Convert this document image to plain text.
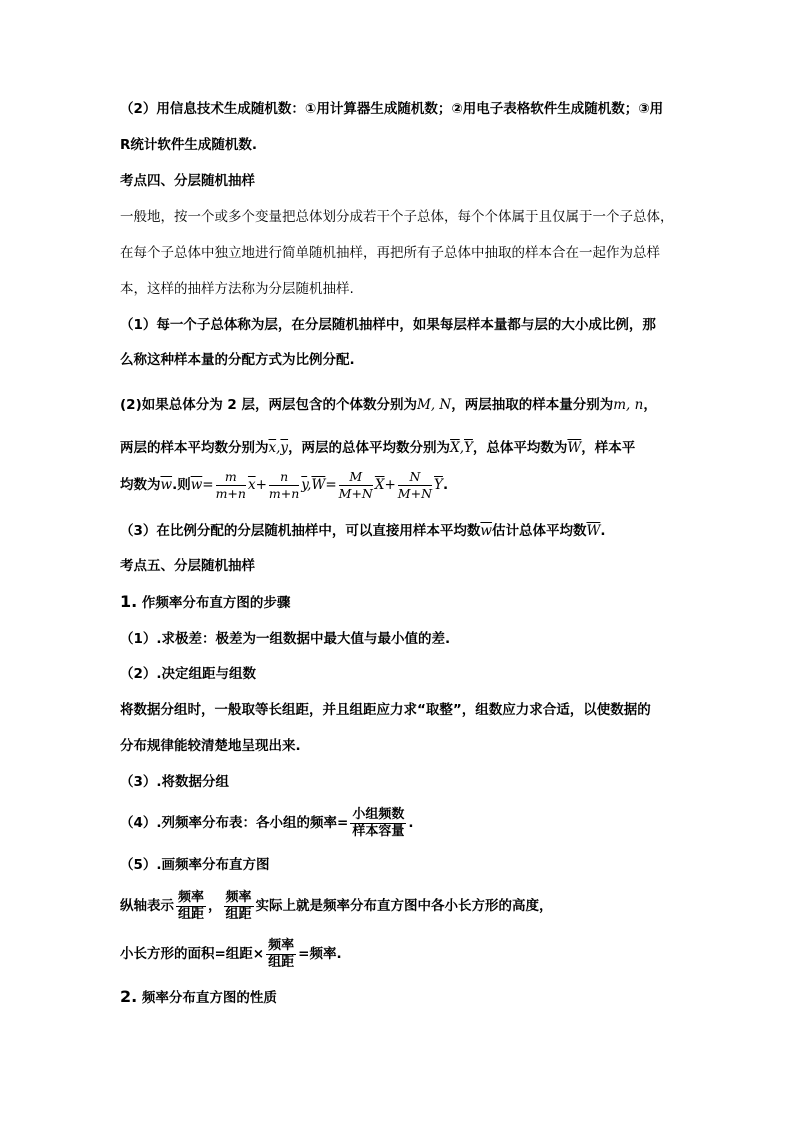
（2）用信息技术生成随机数：①用计算器生成随机数；②用电子表格软件生成随机数；③用
R统计软件生成随机数.
考点四、分层随机抽样
一般地，按一个或多个变量把总体划分成若干个子总体，每个个体属于且仅属于一个子总体，
在每个子总体中独立地进行简单随机抽样，再把所有子总体中抽取的样本合在一起作为总样
本，这样的抽样方法称为分层随机抽样.
（1）每一个子总体称为层，在分层随机抽样中，如果每层样本量都与层的大小成比例，那
么称这种样本量的分配方式为比例分配.
(2)如果总体分为 2 层，两层包含的个体数分别为M, N，两层抽取的样本量分别为m, n，
两层的样本平均数分别为$\overline{x},\overline{y}$，两层的总体平均数分别为$\overline{X},\overline{Y}$，总体平均数为$\overline{W}$，样本平
均数为$\overline{w}$.则$\overline{w}= \frac{m}{m+n} \overline{x}+ \frac{n}{m+n} \overline{y},\overline{W}= \frac{M}{M+N} \overline{X}+ \frac{N}{M+N} \overline{Y}$.
（3）在比例分配的分层随机抽样中，可以直接用样本平均数$\overline{w}$估计总体平均数$\overline{W}$.
考点五、分层随机抽样
1. 作频率分布直方图的步骤
（1）.求极差：极差为一组数据中最大值与最小值的差.
（2）.决定组距与组数
将数据分组时，一般取等长组距，并且组距应力求“取整”，组数应力求合适，以使数据的
分布规律能较清楚地呈现出来.
（3）.将数据分组
（4）.列频率分布表：各小组的频率= $\frac{\text{小组频数}}{\text{样本容量}}$ .
（5）.画频率分布直方图
纵轴表示 $\frac{\text{频率}}{\text{组距}}$ ， $\frac{\text{频率}}{\text{组距}}$ 实际上就是频率分布直方图中各小长方形的高度，
小长方形的面积=组距× $\frac{\text{频率}}{\text{组距}}$ =频率.
2. 频率分布直方图的性质
